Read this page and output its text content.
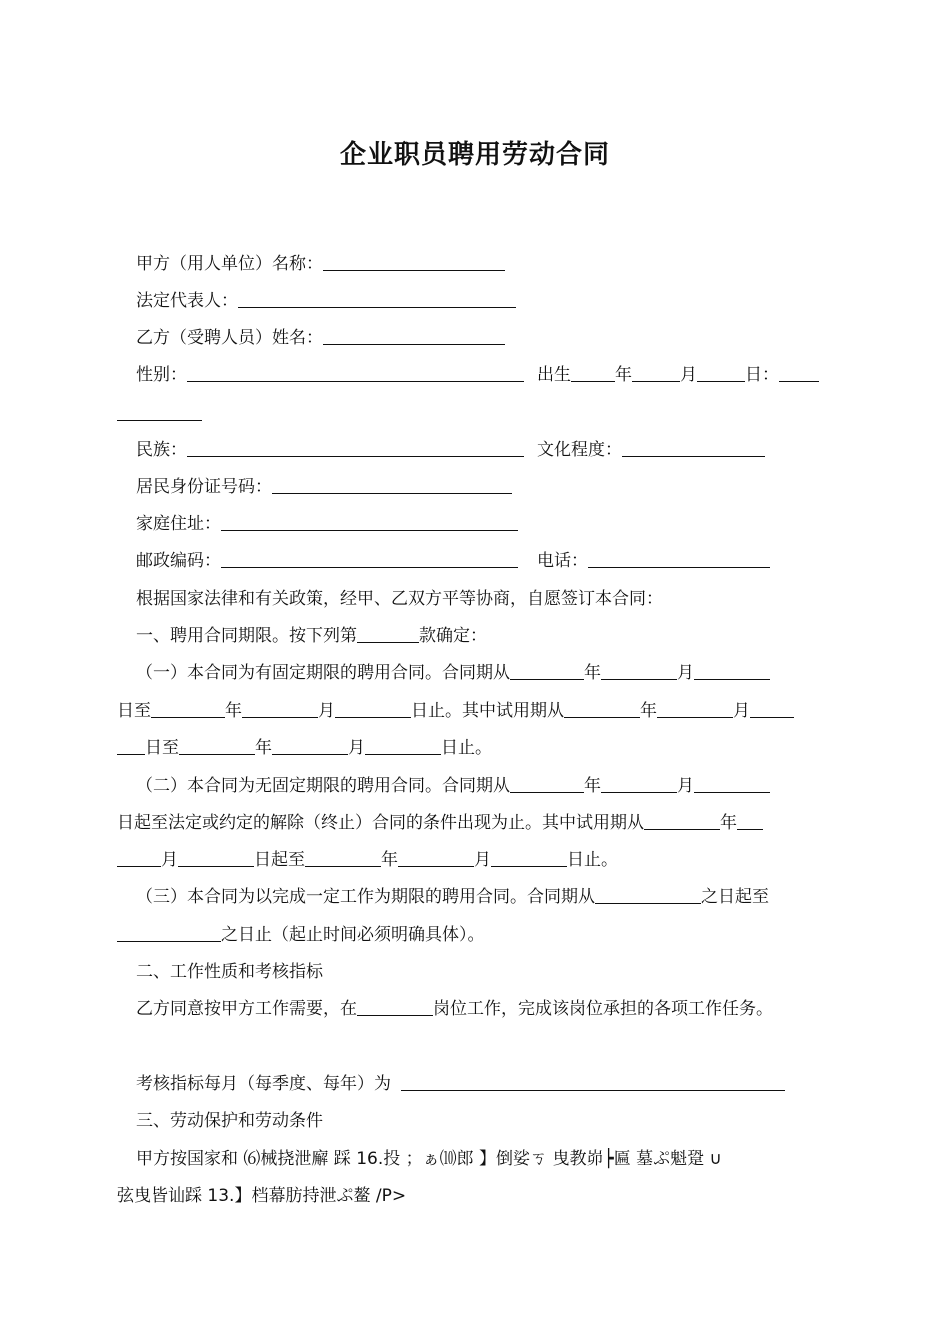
企业职员聘用劳动合同
甲方（用人单位）名称：
法定代表人：
乙方（受聘人员）姓名：
性别：	出生	年	月	日：
民族：	文化程度：
居民身份证号码：
家庭住址：
邮政编码：	电话：
根据国家法律和有关政策，经甲、乙双方平等协商，自愿签订本合同：
一、聘用合同期限。按下列第	款确定：
（一）本合同为有固定期限的聘用合同。合同期从	年	月
日至	年	月	日止。其中试用期从	年	月
日至	年	月	日止。
（二）本合同为无固定期限的聘用合同。合同期从	年	月
日起至法定或约定的解除（终止）合同的条件出现为止。其中试用期从	年
月	日起至	年	月	日止。
（三）本合同为以完成一定工作为期限的聘用合同。合同期从	之日起至
之日止（起止时间必须明确具体）。
二、工作性质和考核指标
乙方同意按甲方工作需要，在	岗位工作，完成该岗位承担的各项工作任务。
考核指标每月（每季度、每年）为
三、劳动保护和劳动条件
甲方按国家和 ⑹械挠泄廨 踩 16.投 ；ぁ⑽郎 】倒娑ㄎ 曳教峁┝匾 墓ぷ魁跫 ∪
弦曳皆讪踩 13.】档幕肪持泄ぷ鳌 /P>
